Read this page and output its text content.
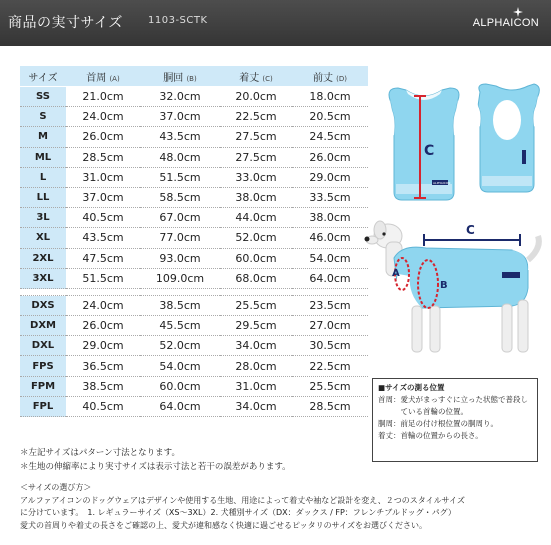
商品の実寸サイズ	1103-SCTK	ALPHAICON
サイズ	首周 (A)	胴回 (B)	着丈 (C)	前丈 (D)
SS	21.0cm	32.0cm	20.0cm	18.0cm
S	24.0cm	37.0cm	22.5cm	20.5cm
M	26.0cm	43.5cm	27.5cm	24.5cm
ML	28.5cm	48.0cm	27.5cm	26.0cm
L	31.0cm	51.5cm	33.0cm	29.0cm
LL	37.0cm	58.5cm	38.0cm	33.5cm
3L	40.5cm	67.0cm	44.0cm	38.0cm
XL	43.5cm	77.0cm	52.0cm	46.0cm
2XL	47.5cm	93.0cm	60.0cm	54.0cm
3XL	51.5cm	109.0cm	68.0cm	64.0cm

DXS	24.0cm	38.5cm	25.5cm	23.5cm
DXM	26.0cm	45.5cm	29.5cm	27.0cm
DXL	29.0cm	52.0cm	34.0cm	30.5cm
FPS	36.5cm	54.0cm	28.0cm	22.5cm
FPM	38.5cm	60.0cm	31.0cm	25.5cm
FPL	40.5cm	64.0cm	34.0cm	28.5cm
＊左記サイズはパターン寸法となります。
＊生地の伸縮率により実寸サイズは表示寸法と若干の誤差があります。
＜サイズの選び方＞
アルファアイコンのドッグウェアはデザインや使用する生地、用途によって着丈や袖など設計を変え、２つのスタイルサイズ
に分けています。　1. レギュラーサイズ（XS～3XL）2. 犬種別サイズ（DX：ダックス / FP：フレンチブルドッグ・パグ）
愛犬の首周りや着丈の長さをご確認の上、愛犬が違和感なく快適に過ごせるピッタリのサイズをお選びください。
C
ALPHAICON
C
A
B
■サイズの測る位置
首周： 愛犬がまっすぐに立った状態で普段している首輪の位置。
胴周： 前足の付け根位置の胴周り。
着丈： 首輪の位置からの長さ。
